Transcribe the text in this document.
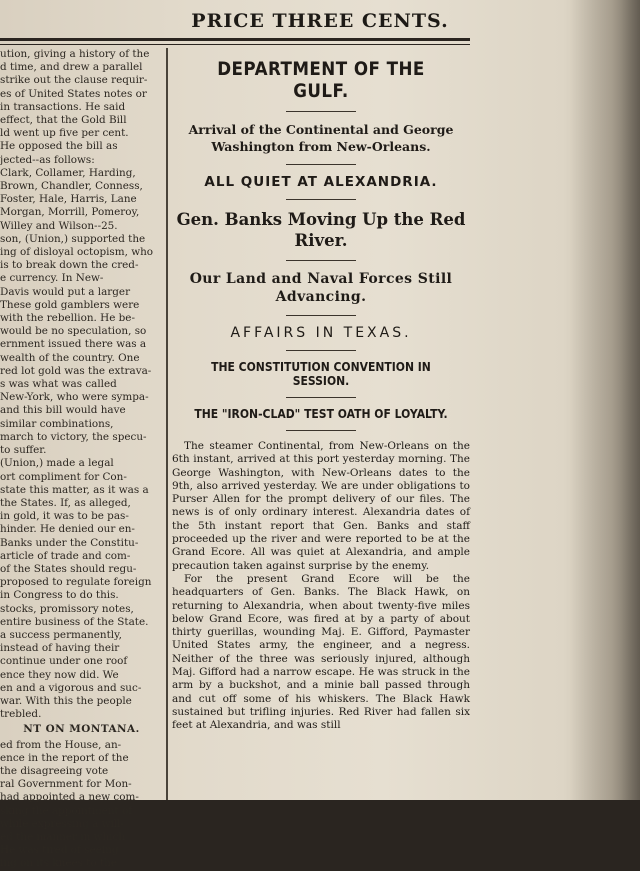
PRICE THREE CENTS.

ution, giving a history of the

d time, and drew a parallel

strike out the clause requir-

es of United States notes or

in transactions. He said

effect, that the Gold Bill

ld went up five per cent.

He opposed the bill as

jected--as follows:

Clark, Collamer, Harding,

Brown, Chandler, Conness,

Foster, Hale, Harris, Lane

Morgan, Morrill, Pomeroy,

Willey and Wilson--25.

son, (Union,) supported the

ing of disloyal octopism, who

is to break down the cred-

e currency. In New-

Davis would put a larger

These gold gamblers were

with the rebellion. He be-

would be no speculation, so

ernment issued there was a

wealth of the country. One

red lot gold was the extrava-

s was what was called

New-York, who were sympa-

and this bill would have

similar combinations,

march to victory, the specu-

to suffer.

(Union,) made a legal

ort compliment for Con-

state this matter, as it was a

the States. If, as alleged,

in gold, it was to be pas-

hinder. He denied our en-

Banks under the Constitu-

article of trade and com-

of the States should regu-

proposed to regulate foreign

in Congress to do this.

stocks, promissory notes,

entire business of the State.

a success permanently,

instead of having their

continue under one roof

ence they now did. We

en and a vigorous and suc-

war. With this the people

trebled.

NT ON MONTANA.

ed from the House, an-

ence in the report of the

the disagreeing vote

ral Government for Mon-

had appointed a new com-

sking the appointment of

while expressing a will-

ed the manner in which

He was tired of seeing

ing on its knees to the

DEPARTMENT OF THE GULF.
Arrival of the Continental and George Washington from New-Orleans.
ALL QUIET AT ALEXANDRIA.
Gen. Banks Moving Up the Red River.
Our Land and Naval Forces Still Advancing.
AFFAIRS IN TEXAS.
THE CONSTITUTION CONVENTION IN SESSION.
THE "IRON-CLAD" TEST OATH OF LOYALTY.

The steamer Continental, from New-Orleans on the 6th instant, arrived at this port yesterday morning. The George Washington, with New-Orleans dates to the 9th, also arrived yesterday. We are under obligations to Purser Allen for the prompt delivery of our files. The news is of only ordinary interest. Alexandria dates of the 5th instant report that Gen. Banks and staff proceeded up the river and were reported to be at the Grand Ecore. All was quiet at Alexandria, and ample precaution taken against surprise by the enemy.

For the present Grand Ecore will be the headquarters of Gen. Banks. The Black Hawk, on returning to Alexandria, when about twenty-five miles below Grand Ecore, was fired at by a party of about thirty guerillas, wounding Maj. E. Gifford, Paymaster United States army, the engineer, and a negress. Neither of the three was seriously injured, although Maj. Gifford had a narrow escape. He was struck in the arm by a buckshot, and a minie ball passed through and cut off some of his whiskers. The Black Hawk sustained but trifling injuries. Red River had fallen six feet at Alexandria, and was still
